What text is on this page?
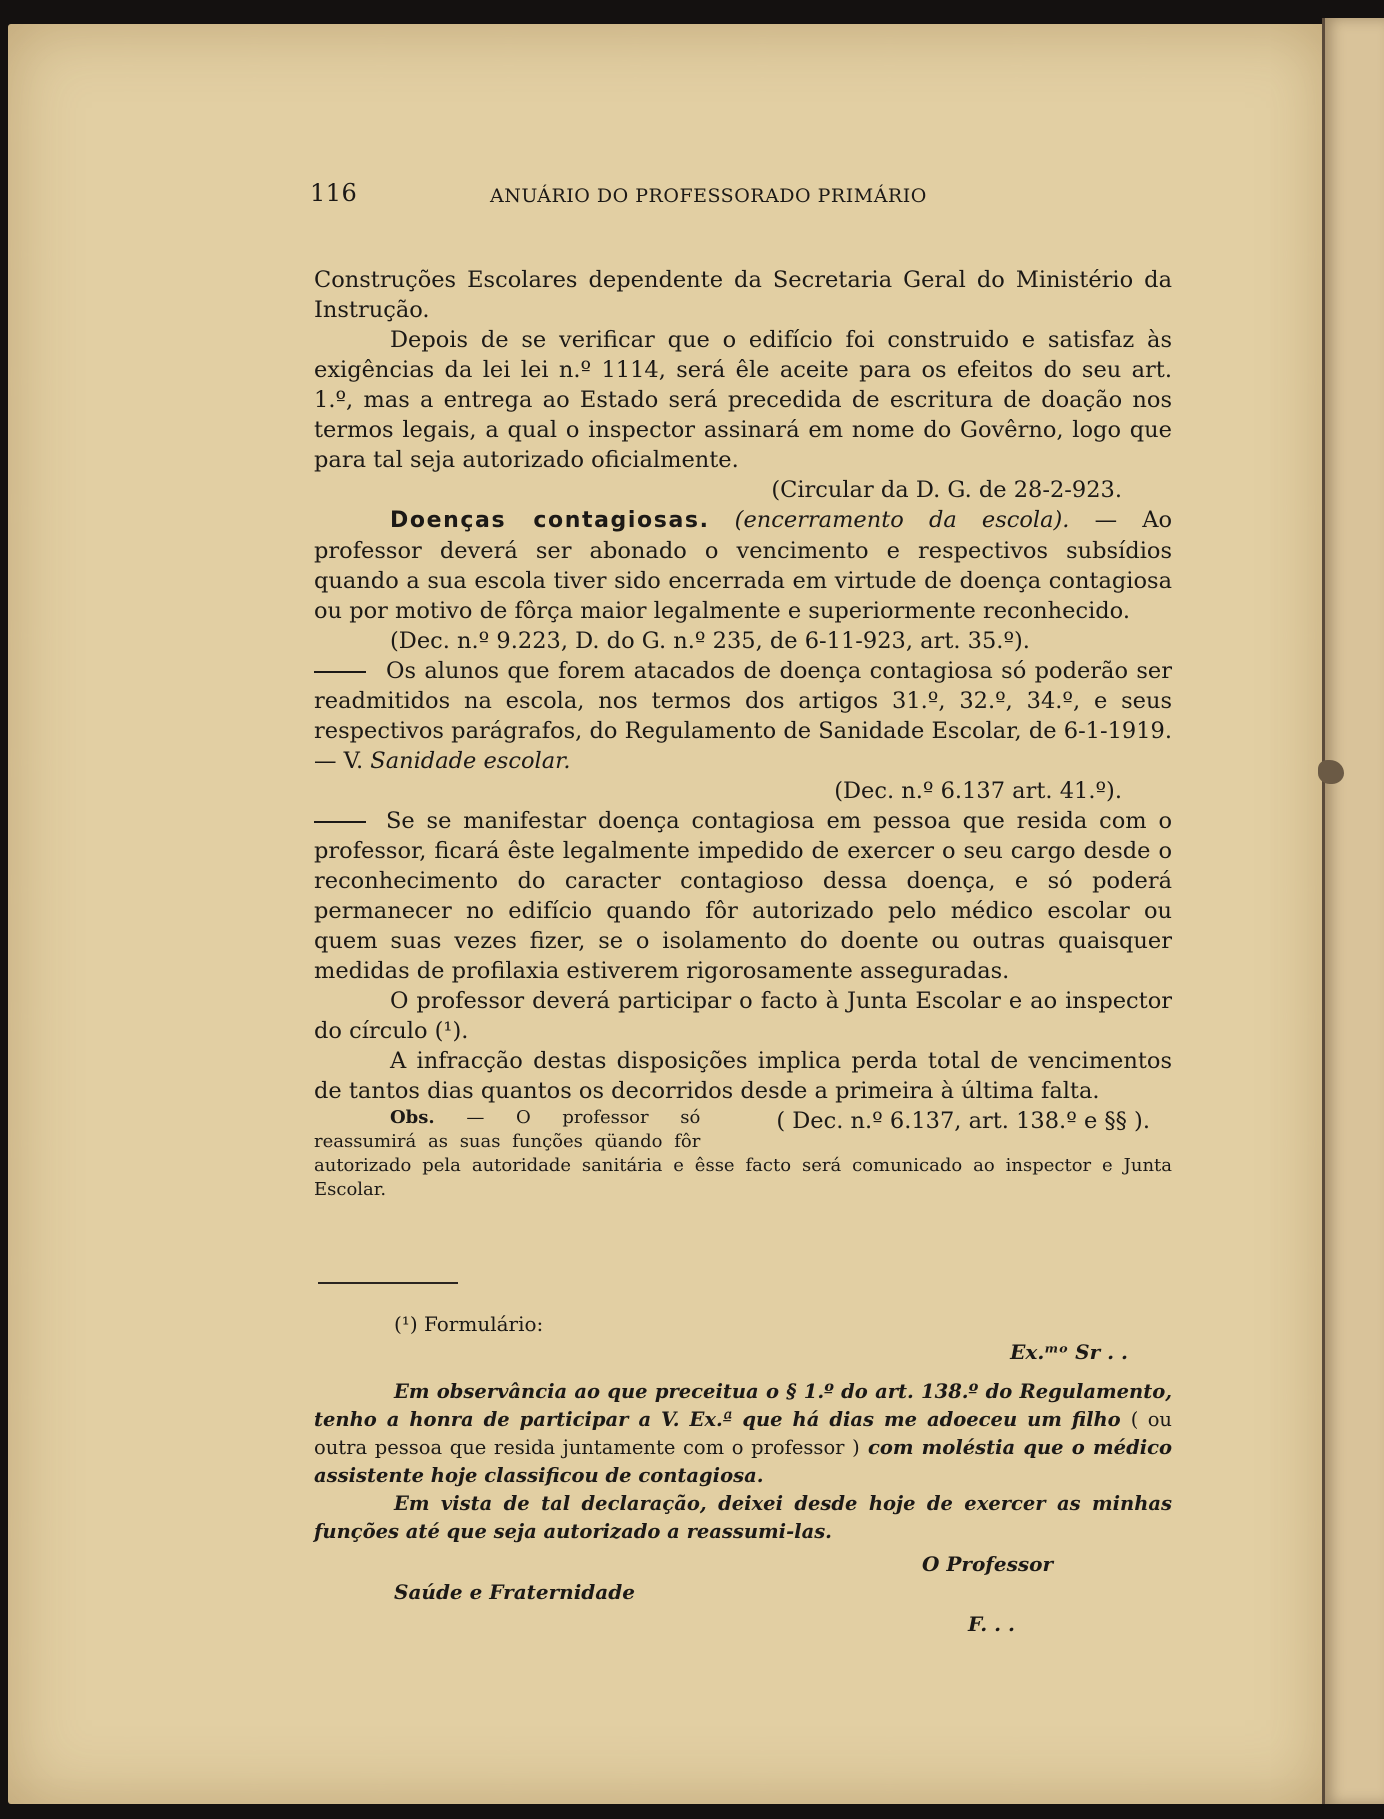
116	ANUÁRIO DO PROFESSORADO PRIMÁRIO

Construções Escolares dependente da Secretaria Geral do Ministério da Instrução.

Depois de se verificar que o edifício foi construido e satisfaz às exigências da lei lei n.º 1114, será êle aceite para os efeitos do seu art. 1.º, mas a entrega ao Estado será precedida de escritura de doação nos termos legais, a qual o inspector assinará em nome do Govêrno, logo que para tal seja autorizado oficialmente.

(Circular da D. G. de 28-2-923.

Doenças contagiosas. (encerramento da escola). — Ao professor deverá ser abonado o vencimento e respectivos subsídios quando a sua escola tiver sido encerrada em virtude de doença contagiosa ou por motivo de fôrça maior legalmente e superiormente reconhecido.

(Dec. n.º 9.223, D. do G. n.º 235, de 6-11-923, art. 35.º).

Os alunos que forem atacados de doença contagiosa só poderão ser readmitidos na escola, nos termos dos artigos 31.º, 32.º, 34.º, e seus respectivos parágrafos, do Regulamento de Sanidade Escolar, de 6-1-1919. — V. Sanidade escolar.

(Dec. n.º 6.137 art. 41.º).

Se se manifestar doença contagiosa em pessoa que resida com o professor, ficará êste legalmente impedido de exercer o seu cargo desde o reconhecimento do caracter contagioso dessa doença, e só poderá permanecer no edifício quando fôr autorizado pelo médico escolar ou quem suas vezes fizer, se o isolamento do doente ou outras quaisquer medidas de profilaxia estiverem rigorosamente asseguradas.

O professor deverá participar o facto à Junta Escolar e ao inspector do círculo (¹).

A infracção destas disposições implica perda total de vencimentos de tantos dias quantos os decorridos desde a primeira à última falta.
( Dec. n.º 6.137, art. 138.º e §§ ).

Obs. — O professor só reassumirá as suas funções qüando fôr autorizado pela autoridade sanitária e êsse facto será comunicado ao inspector e Junta Escolar.

(¹) Formulário:
Ex.ᵐᵒ Sr . .
Em observância ao que preceitua o § 1.º do art. 138.º do Regulamento, tenho a honra de participar a V. Ex.ª que há dias me adoeceu um filho ( ou outra pessoa que resida juntamente com o professor ) com moléstia que o médico assistente hoje classificou de contagiosa.
Em vista de tal declaração, deixei desde hoje de exercer as minhas funções até que seja autorizado a reassumi-las.
O Professor
Saúde e Fraternidade
F. . .
